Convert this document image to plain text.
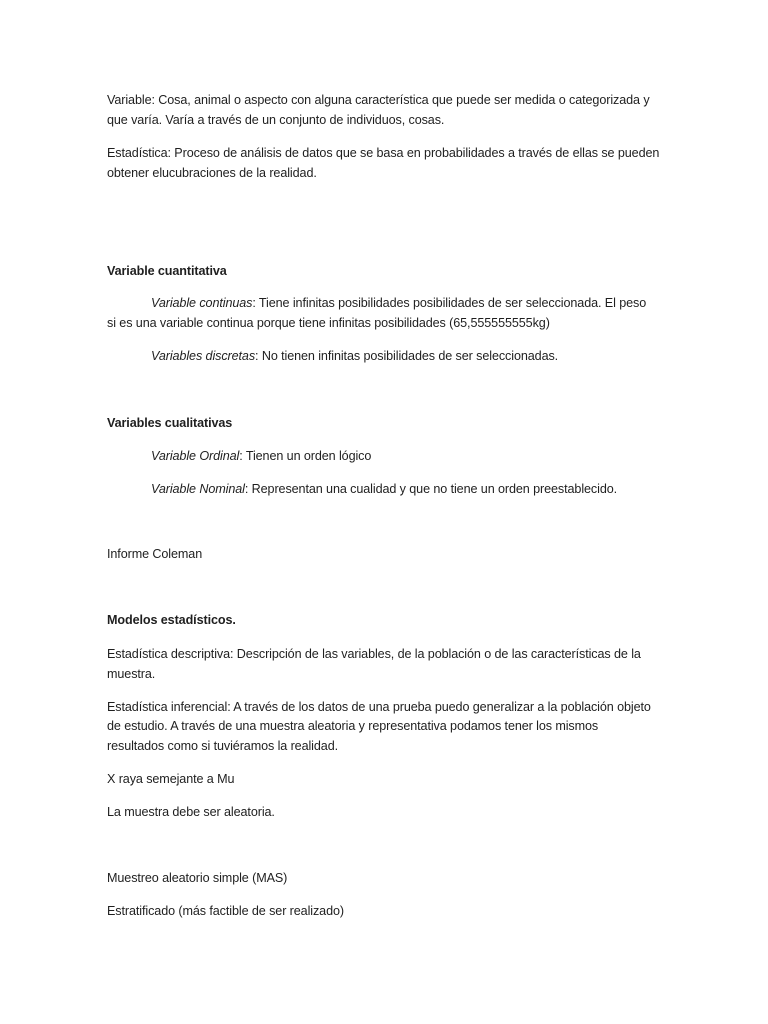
Variable: Cosa, animal o aspecto con alguna característica que puede ser medida o categorizada y
que varía. Varía a través de un conjunto de individuos, cosas.
Estadística: Proceso de análisis de datos que se basa en probabilidades a través de ellas se pueden
obtener elucubraciones de la realidad.
Variable cuantitativa
Variable continuas: Tiene infinitas posibilidades posibilidades de ser seleccionada. El peso
si es una variable continua porque tiene infinitas posibilidades (65,555555555kg)
Variables discretas: No tienen infinitas posibilidades de ser seleccionadas.
Variables cualitativas
Variable Ordinal: Tienen un orden lógico
Variable Nominal: Representan una cualidad y que no tiene un orden preestablecido.
Informe Coleman
Modelos estadísticos.
Estadística descriptiva: Descripción de las variables, de la población o de las características de la
muestra.
Estadística inferencial: A través de los datos de una prueba puedo generalizar a la población objeto
de estudio. A través de una muestra aleatoria y representativa podamos tener los mismos
resultados como si tuviéramos la realidad.
X raya semejante a Mu
La muestra debe ser aleatoria.
Muestreo aleatorio simple (MAS)
Estratificado (más factible de ser realizado)
